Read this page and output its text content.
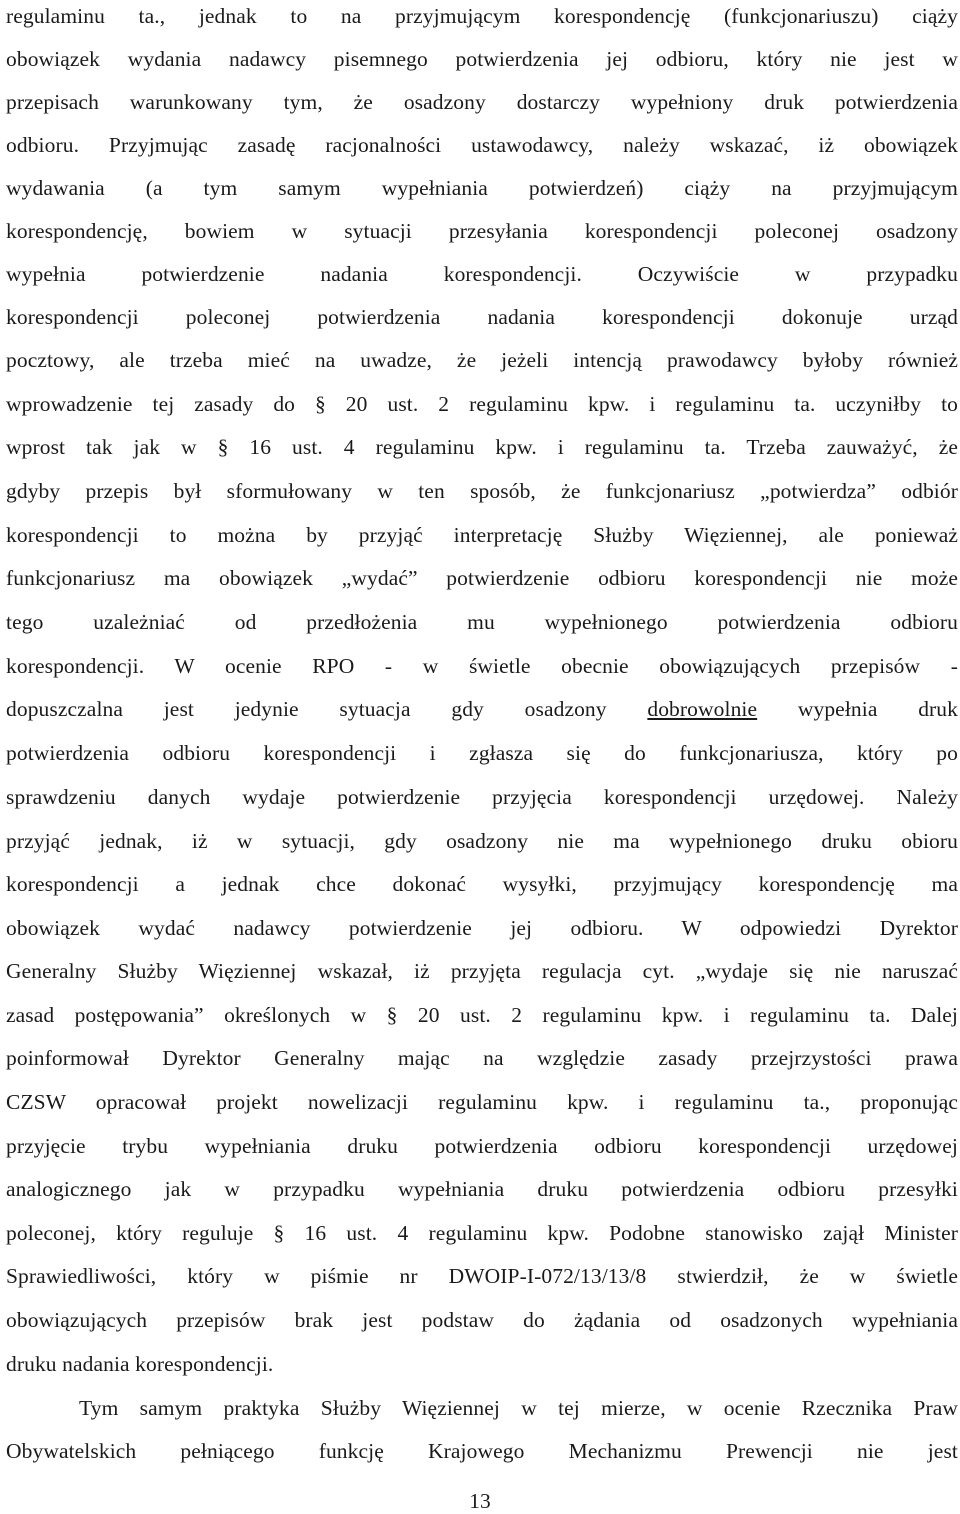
regulaminu ta., jednak to na przyjmującym korespondencję (funkcjonariuszu) ciąży
obowiązek wydania nadawcy pisemnego potwierdzenia jej odbioru, który nie jest w
przepisach warunkowany tym, że osadzony dostarczy wypełniony druk potwierdzenia
odbioru. Przyjmując zasadę racjonalności ustawodawcy, należy wskazać, iż obowiązek
wydawania (a tym samym wypełniania potwierdzeń) ciąży na przyjmującym
korespondencję, bowiem w sytuacji przesyłania korespondencji poleconej osadzony
wypełnia potwierdzenie nadania korespondencji. Oczywiście w przypadku
korespondencji poleconej potwierdzenia nadania korespondencji dokonuje urząd
pocztowy, ale trzeba mieć na uwadze, że jeżeli intencją prawodawcy byłoby również
wprowadzenie tej zasady do § 20 ust. 2 regulaminu kpw. i regulaminu ta. uczyniłby to
wprost tak jak w § 16 ust. 4 regulaminu kpw. i regulaminu ta. Trzeba zauważyć, że
gdyby przepis był sformułowany w ten sposób, że funkcjonariusz „potwierdza” odbiór
korespondencji to można by przyjąć interpretację Służby Więziennej, ale ponieważ
funkcjonariusz ma obowiązek „wydać” potwierdzenie odbioru korespondencji nie może
tego uzależniać od przedłożenia mu wypełnionego potwierdzenia odbioru
korespondencji. W ocenie RPO - w świetle obecnie obowiązujących przepisów -
dopuszczalna jest jedynie sytuacja gdy osadzony dobrowolnie wypełnia druk
potwierdzenia odbioru korespondencji i zgłasza się do funkcjonariusza, który po
sprawdzeniu danych wydaje potwierdzenie przyjęcia korespondencji urzędowej. Należy
przyjąć jednak, iż w sytuacji, gdy osadzony nie ma wypełnionego druku obioru
korespondencji a jednak chce dokonać wysyłki, przyjmujący korespondencję ma
obowiązek wydać nadawcy potwierdzenie jej odbioru. W odpowiedzi Dyrektor
Generalny Służby Więziennej wskazał, iż przyjęta regulacja cyt. „wydaje się nie naruszać
zasad postępowania” określonych w § 20 ust. 2 regulaminu kpw. i regulaminu ta. Dalej
poinformował Dyrektor Generalny mając na względzie zasady przejrzystości prawa
CZSW opracował projekt nowelizacji regulaminu kpw. i regulaminu ta., proponując
przyjęcie trybu wypełniania druku potwierdzenia odbioru korespondencji urzędowej
analogicznego jak w przypadku wypełniania druku potwierdzenia odbioru przesyłki
poleconej, który reguluje § 16 ust. 4 regulaminu kpw. Podobne stanowisko zajął Minister
Sprawiedliwości, który w piśmie nr DWOIP-I-072/13/13/8 stwierdził, że w świetle
obowiązujących przepisów brak jest podstaw do żądania od osadzonych wypełniania
druku nadania korespondencji.
Tym samym praktyka Służby Więziennej w tej mierze, w ocenie Rzecznika Praw
Obywatelskich pełniącego funkcję Krajowego Mechanizmu Prewencji nie jest
13
